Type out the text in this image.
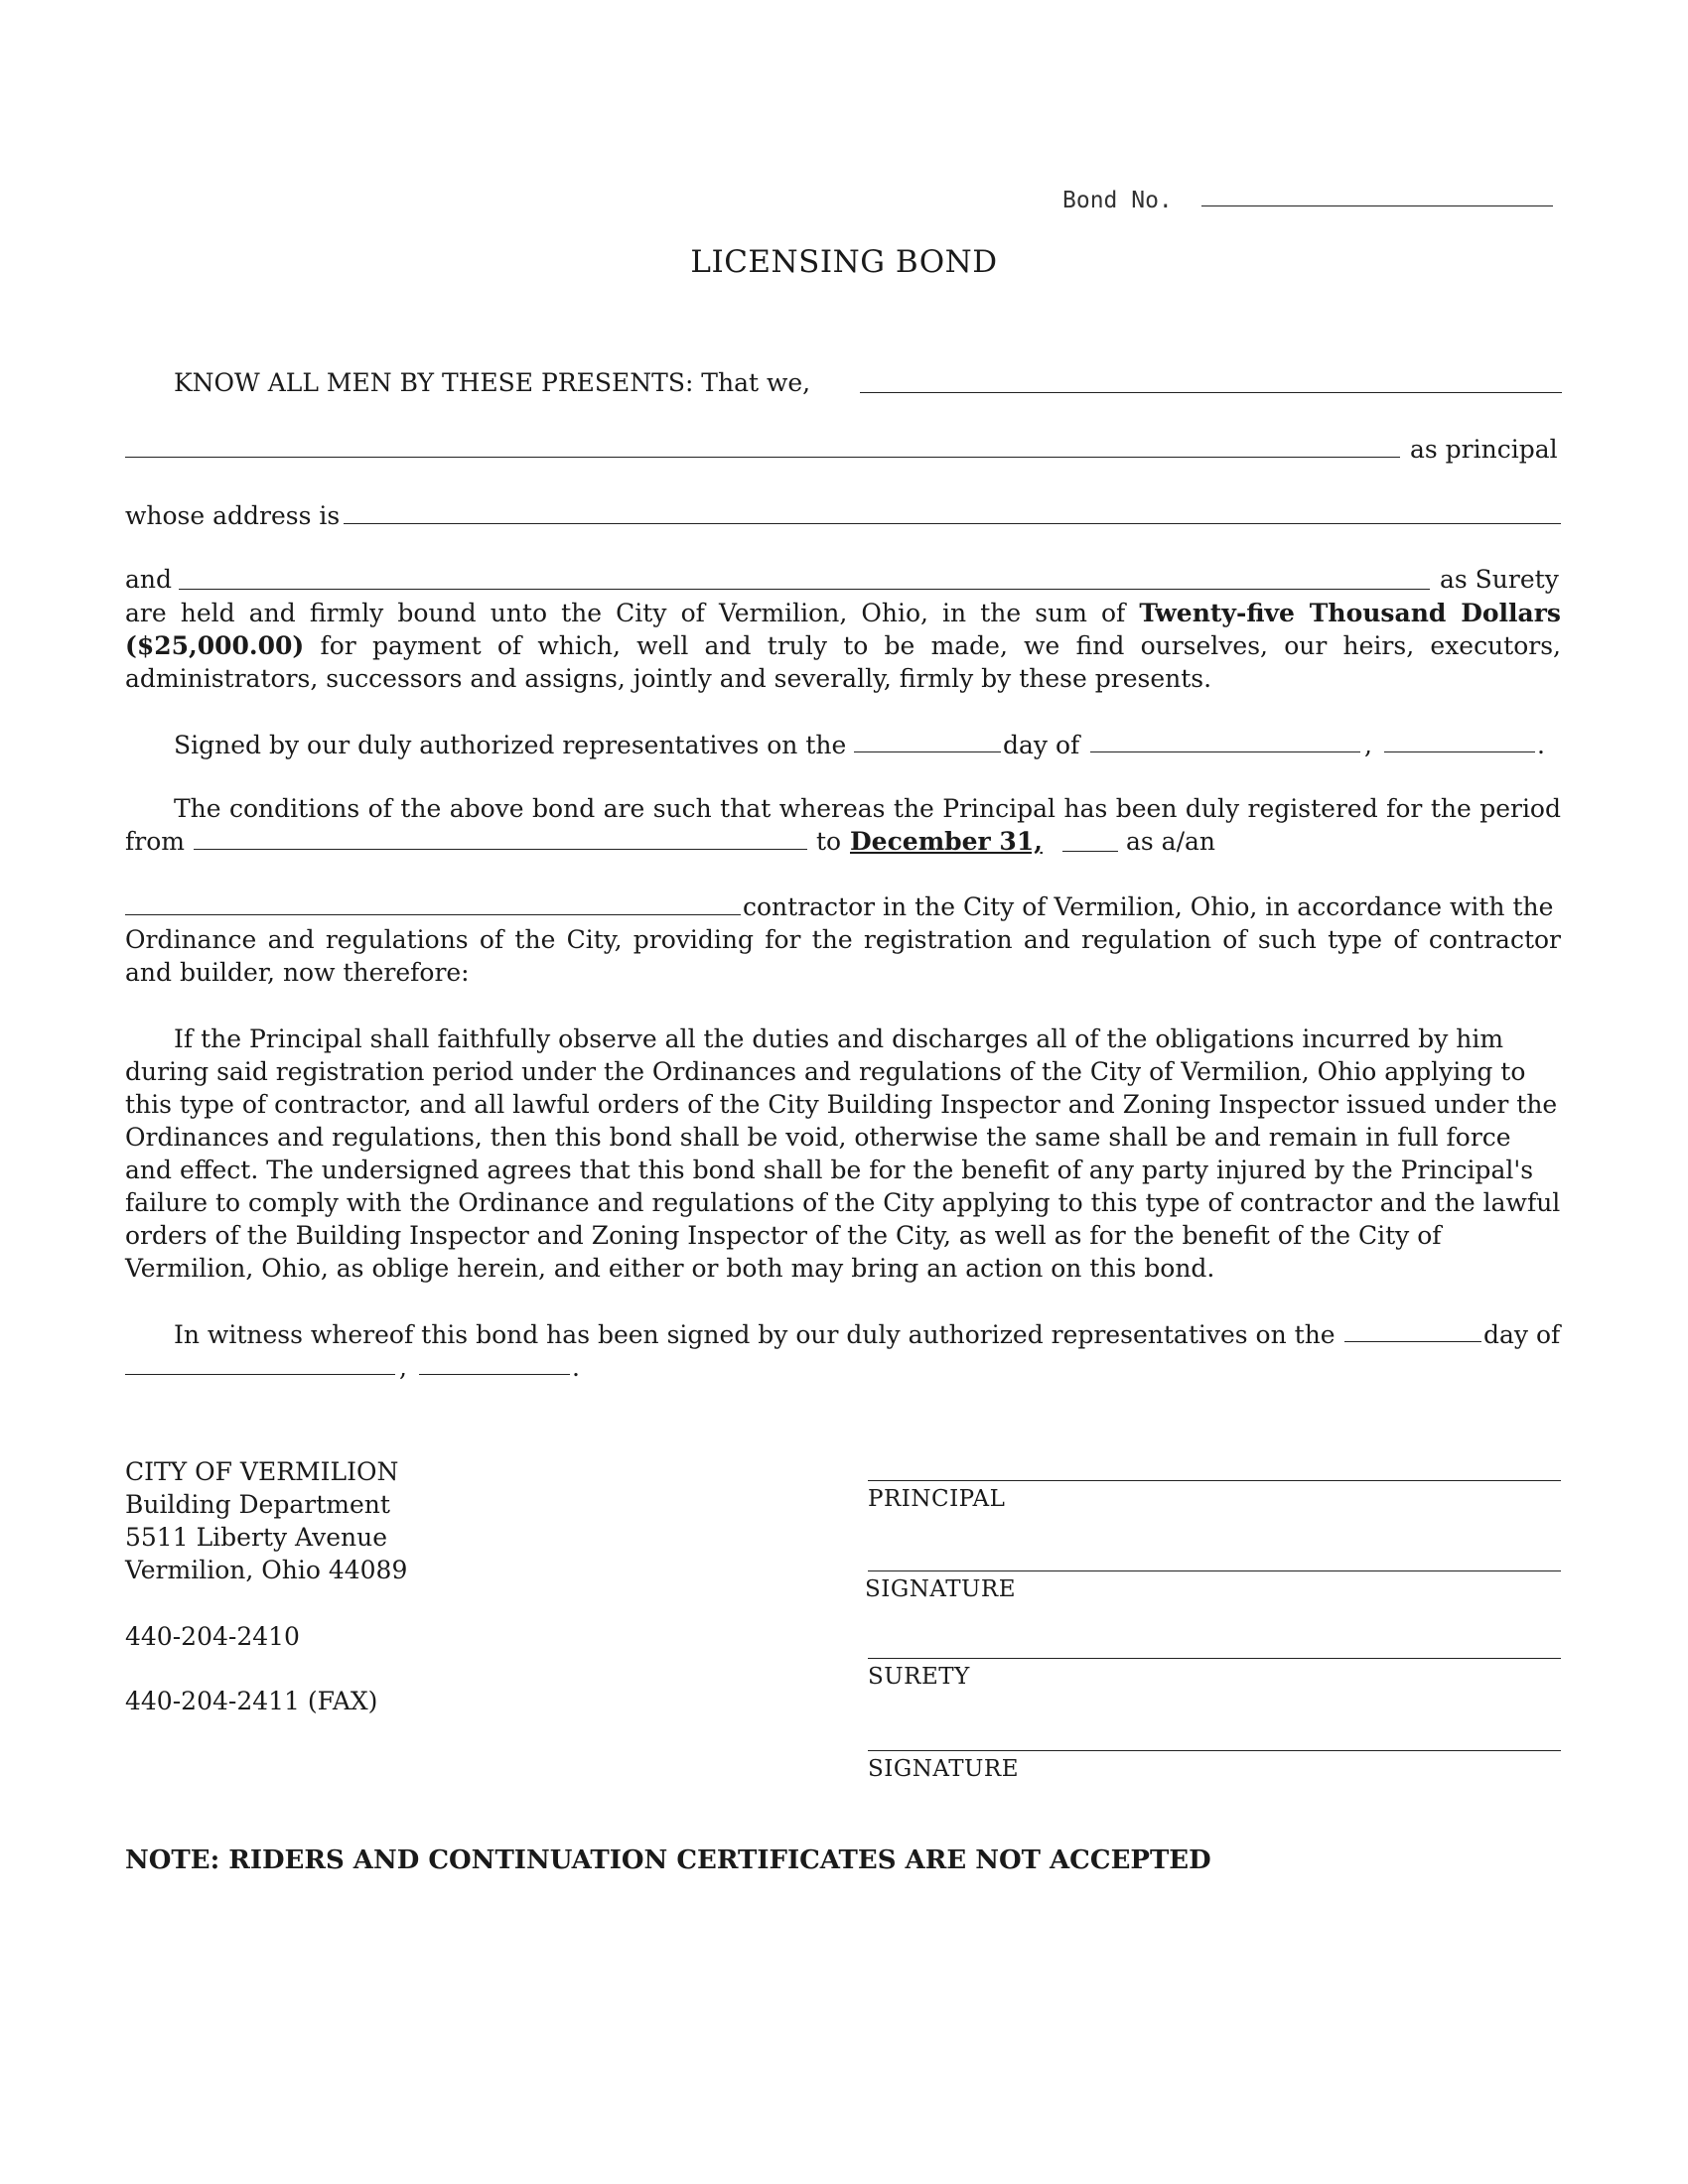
Bond No.
LICENSING BOND
KNOW ALL MEN BY THESE PRESENTS: That we,
as principal
whose address is
and	as Surety
are held and firmly bound unto the City of Vermilion, Ohio, in the sum of Twenty-five Thousand Dollars ($25,000.00) for payment of which, well and truly to be made, we find ourselves, our heirs, executors, administrators, successors and assigns, jointly and severally, firmly by these presents.
Signed by our duly authorized representatives on the	day of	,	.
The conditions of the above bond are such that whereas the Principal has been duly registered for the period
from	to December 31,	as a/an
contractor in the City of Vermilion, Ohio, in accordance with the
Ordinance and regulations of the City, providing for the registration and regulation of such type of contractor and builder, now therefore:
If the Principal shall faithfully observe all the duties and discharges all of the obligations incurred by him during said registration period under the Ordinances and regulations of the City of Vermilion, Ohio applying to this type of contractor, and all lawful orders of the City Building Inspector and Zoning Inspector issued under the Ordinances and regulations, then this bond shall be void, otherwise the same shall be and remain in full force and effect. The undersigned agrees that this bond shall be for the benefit of any party injured by the Principal's failure to comply with the Ordinance and regulations of the City applying to this type of contractor and the lawful orders of the Building Inspector and Zoning Inspector of the City, as well as for the benefit of the City of Vermilion, Ohio, as oblige herein, and either or both may bring an action on this bond.
In witness whereof this bond has been signed by our duly authorized representatives on the	day of
,	.
CITY OF VERMILION
Building Department
5511 Liberty Avenue
Vermilion, Ohio 44089
440-204-2410
440-204-2411 (FAX)
PRINCIPAL
SIGNATURE
SURETY
SIGNATURE
NOTE: RIDERS AND CONTINUATION CERTIFICATES ARE NOT ACCEPTED
